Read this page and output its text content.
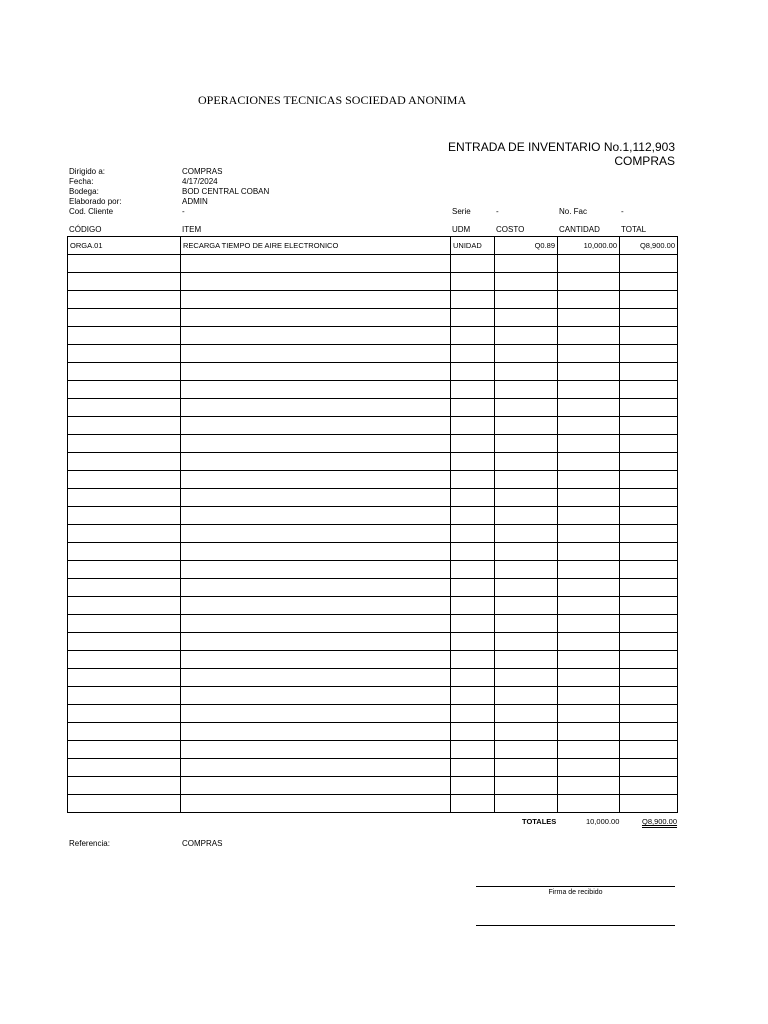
OPERACIONES TECNICAS SOCIEDAD ANONIMA
ENTRADA DE INVENTARIO No.1,112,903
COMPRAS
Dirigido a:	COMPRAS
Fecha:	4/17/2024
Bodega:	BOD CENTRAL COBAN
Elaborado por:	ADMIN
Cod. Cliente	-	Serie	-	No. Fac	-
CÓDIGO	ITEM	UDM	COSTO	CANTIDAD	TOTAL
ORGA.01	RECARGA TIEMPO DE AIRE ELECTRONICO	UNIDAD	Q0.89	10,000.00	Q8,900.00

TOTALES	10,000.00	Q8,900.00
Referencia:	COMPRAS
Firma de recibido
